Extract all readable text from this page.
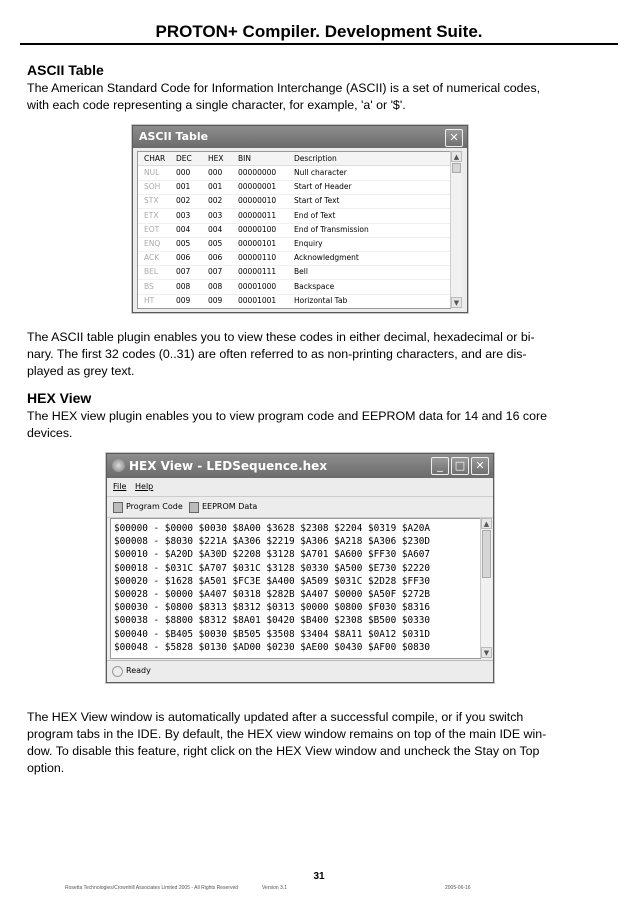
PROTON+ Compiler. Development Suite.
ASCII Table
The American Standard Code for Information Interchange (ASCII) is a set of numerical codes,
with each code representing a single character, for example, 'a' or '$'.
ASCII Table	✕
CHAR DEC HEX BIN	Description
NUL 000 000 00000000 Null character
SOH 001 001 00000001 Start of Header
STX 002 002 00000010 Start of Text
ETX 003 003 00000011 End of Text
EOT 004 004 00000100 End of Transmission
ENQ 005 005 00000101 Enquiry
ACK 006 006 00000110 Acknowledgment
BEL 007 007 00000111 Bell
BS	008 008 00001000 Backspace
HT	009 009 00001001 Horizontal Tab
▲
▼
The ASCII table plugin enables you to view these codes in either decimal, hexadecimal or bi-
nary. The first 32 codes (0..31) are often referred to as non-printing characters, and are dis-
played as grey text.
HEX View
The HEX view plugin enables you to view program code and EEPROM data for 14 and 16 core
devices.
HEX View - LEDSequence.hex	_	□ ✕
File Help
Program Code EEPROM Data
$00000 - $0000 $0030 $8A00 $3628 $2308 $2204 $0319 $A20A
$00008 - $8030 $221A $A306 $2219 $A306 $A218 $A306 $230D
$00010 - $A20D $A30D $2208 $3128 $A701 $A600 $FF30 $A607
$00018 - $031C $A707 $031C $3128 $0330 $A500 $E730 $2220
$00020 - $1628 $A501 $FC3E $A400 $A509 $031C $2D28 $FF30
$00028 - $0000 $A407 $0318 $282B $A407 $0000 $A50F $272B
$00030 - $0800 $8313 $8312 $0313 $0000 $0800 $F030 $8316
$00038 - $8800 $8312 $8A01 $0420 $B400 $2308 $B500 $0330
$00040 - $B405 $0030 $B505 $3508 $3404 $8A11 $0A12 $031D
$00048 - $5828 $0130 $AD00 $0230 $AE00 $0430 $AF00 $0830
▲
▼
Ready
The HEX View window is automatically updated after a successful compile, or if you switch
program tabs in the IDE. By default, the HEX view window remains on top of the main IDE win-
dow. To disable this feature, right click on the HEX View window and uncheck the Stay on Top
option.
31
Rosetta Technologies/Crownhill Associates Limited 2005 - All Rights Reserved	Version 3.1	2005-06-16
